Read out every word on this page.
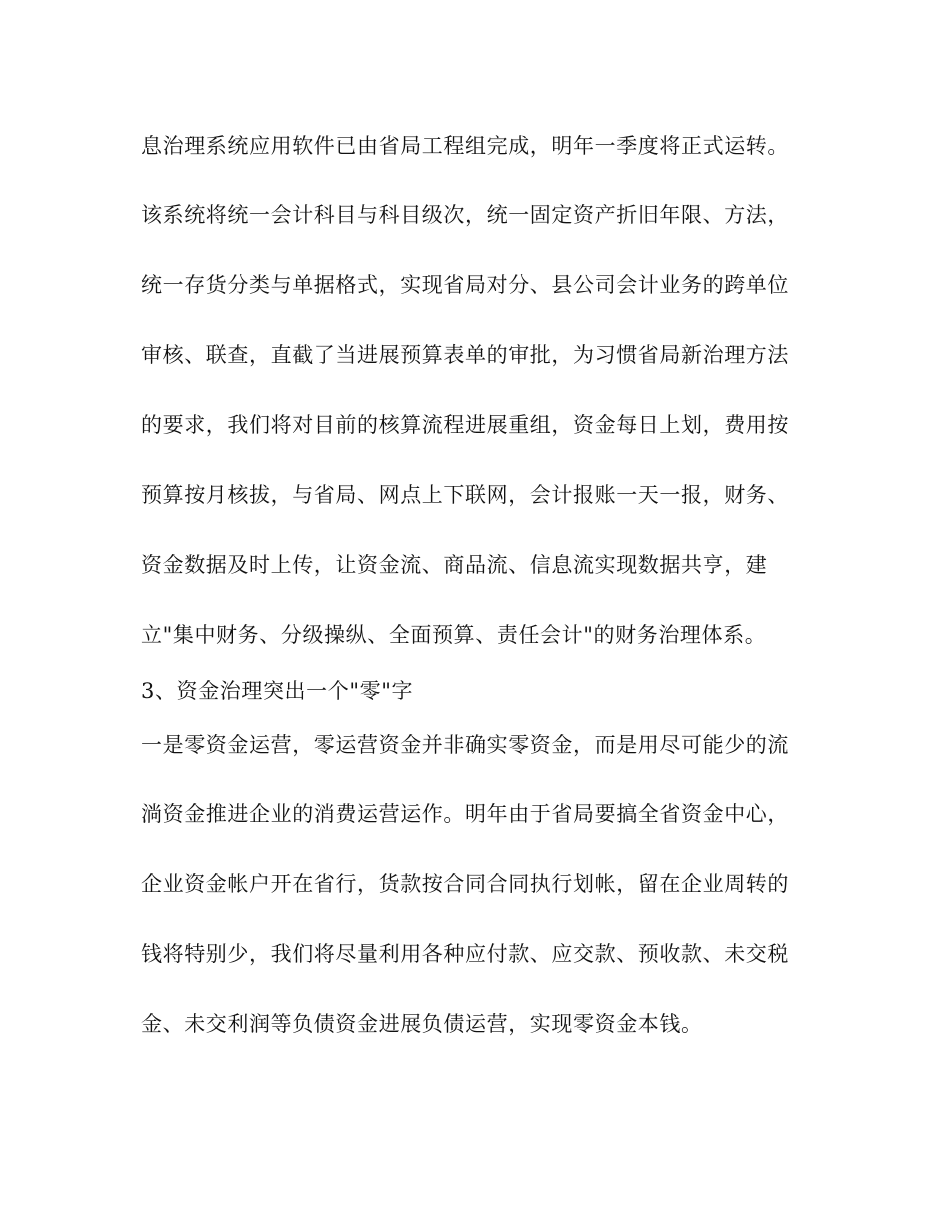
息治理系统应用软件已由省局工程组完成，明年一季度将正式运转。
该系统将统一会计科目与科目级次，统一固定资产折旧年限、方法，
统一存货分类与单据格式，实现省局对分、县公司会计业务的跨单位
审核、联查，直截了当进展预算表单的审批，为习惯省局新治理方法
的要求，我们将对目前的核算流程进展重组，资金每日上划，费用按
预算按月核拔，与省局、网点上下联网，会计报账一天一报，财务、
资金数据及时上传，让资金流、商品流、信息流实现数据共亨，建
立"集中财务、分级操纵、全面预算、责任会计"的财务治理体系。
3、资金治理突出一个"零"字
一是零资金运营，零运营资金并非确实零资金，而是用尽可能少的流
淌资金推进企业的消费运营运作。明年由于省局要搞全省资金中心，
企业资金帐户开在省行，货款按合同合同执行划帐，留在企业周转的
钱将特别少，我们将尽量利用各种应付款、应交款、预收款、未交税
金、未交利润等负债资金进展负债运营，实现零资金本钱。
